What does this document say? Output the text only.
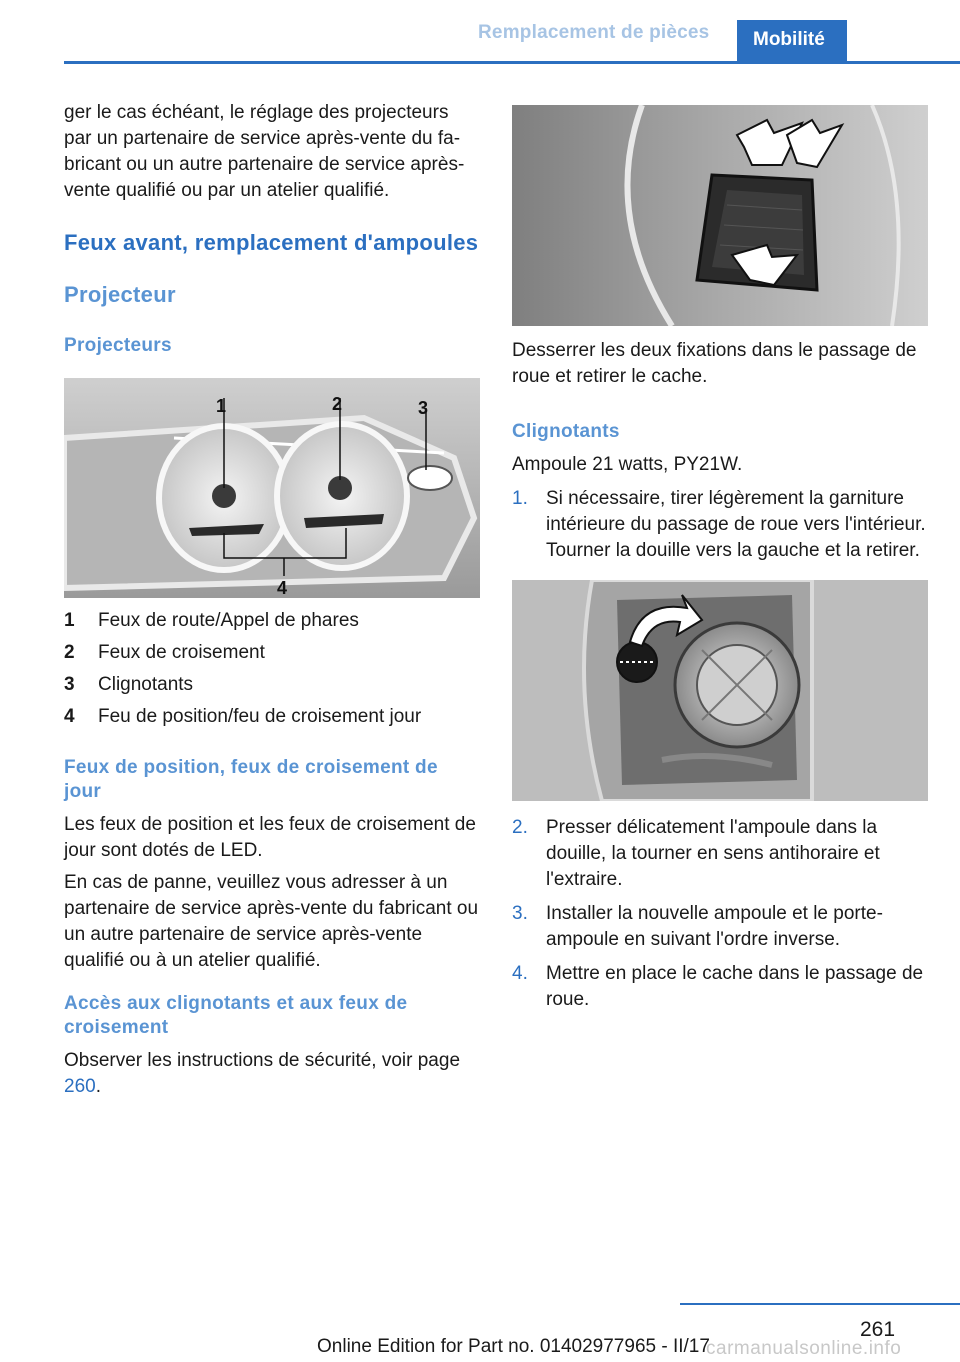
Remplacement de pièces	Mobilité

ger le cas échéant, le réglage des projecteurs par un partenaire de service après-vente du fabricant ou un autre partenaire de service après-vente qualifié ou par un atelier qualifié.

Feux avant, remplacement d'ampoules
Projecteur
Projecteurs
1	2	3
4
1	Feux de route/Appel de phares
2	Feux de croisement
3	Clignotants
4	Feu de position/feu de croisement jour
Feux de position, feux de croisement de jour

Les feux de position et les feux de croisement de jour sont dotés de LED.

En cas de panne, veuillez vous adresser à un partenaire de service après-vente du fabricant ou un autre partenaire de service après-vente qualifié ou à un atelier qualifié.

Accès aux clignotants et aux feux de croisement

Observer les instructions de sécurité, voir page 260.

Desserrer les deux fixations dans le passage de roue et retirer le cache.

Clignotants

Ampoule 21 watts, PY21W.

1. Si nécessaire, tirer légèrement la garniture intérieure du passage de roue vers l'intérieur. Tourner la douille vers la gauche et la retirer.
2. Presser délicatement l'ampoule dans la douille, la tourner en sens antihoraire et l'extraire.
3. Installer la nouvelle ampoule et le porte-ampoule en suivant l'ordre inverse.
4. Mettre en place le cache dans le passage de roue.
261
Online Edition for Part no. 01402977965 - II/17
carmanualsonline.info
